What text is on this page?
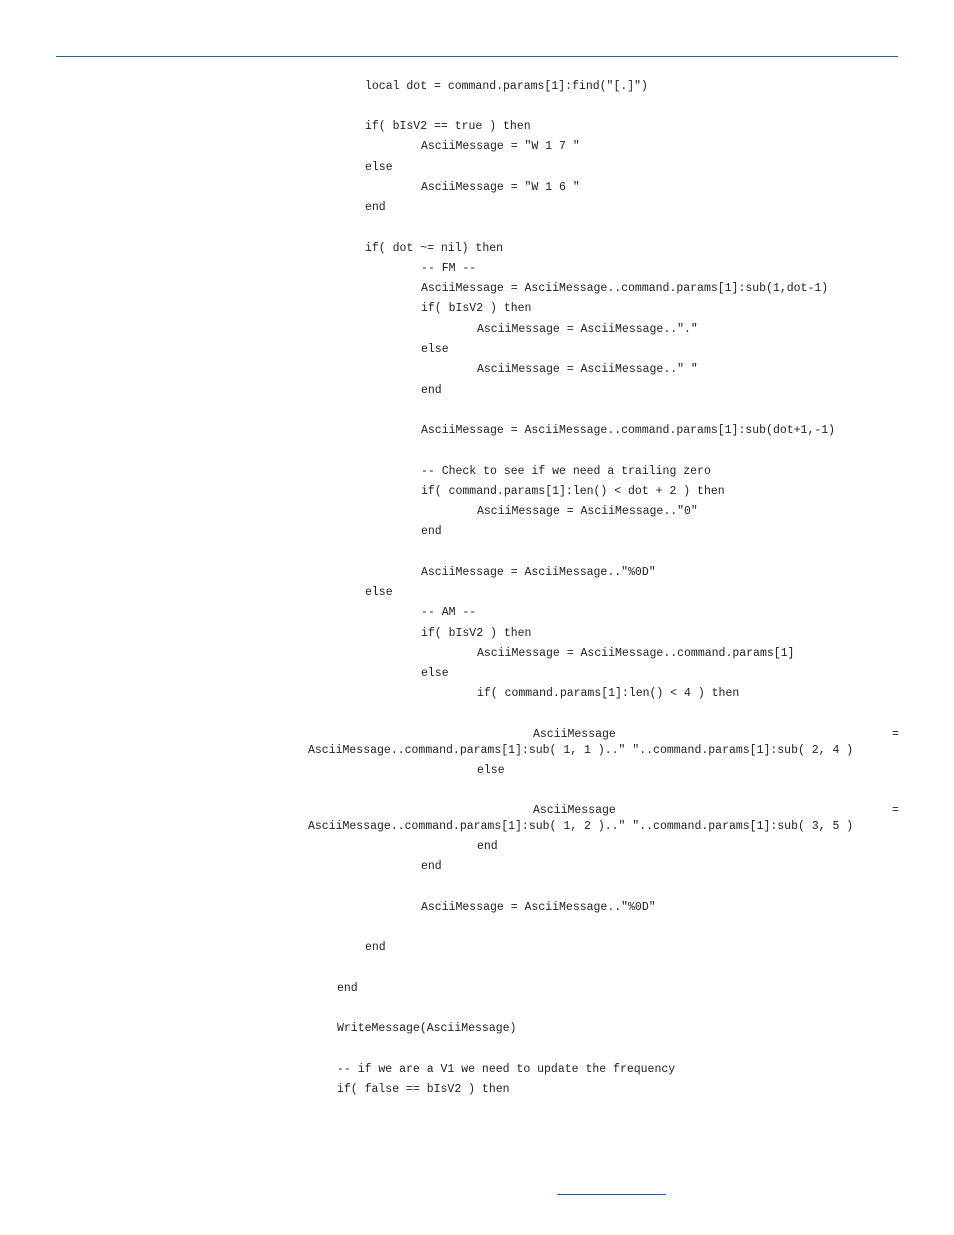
local dot = command.params[1]:find("[.]")
if( bIsV2 == true ) then
AsciiMessage = "W 1 7 "
else
AsciiMessage = "W 1 6 "
end
if( dot ~= nil) then
-- FM --
AsciiMessage = AsciiMessage..command.params[1]:sub(1,dot-1)
if( bIsV2 ) then
AsciiMessage = AsciiMessage.."."
else
AsciiMessage = AsciiMessage.." "
end
AsciiMessage = AsciiMessage..command.params[1]:sub(dot+1,-1)
-- Check to see if we need a trailing zero
if( command.params[1]:len() < dot + 2 ) then
AsciiMessage = AsciiMessage.."0"
end
AsciiMessage = AsciiMessage.."%0D"
else
-- AM --
if( bIsV2 ) then
AsciiMessage = AsciiMessage..command.params[1]
else
if( command.params[1]:len() < 4 ) then
AsciiMessage	=
AsciiMessage..command.params[1]:sub( 1, 1 ).." "..command.params[1]:sub( 2, 4 )
else
AsciiMessage	=
AsciiMessage..command.params[1]:sub( 1, 2 ).." "..command.params[1]:sub( 3, 5 )
end
end
AsciiMessage = AsciiMessage.."%0D"
end
end
WriteMessage(AsciiMessage)
-- if we are a V1 we need to update the frequency
if( false == bIsV2 ) then
